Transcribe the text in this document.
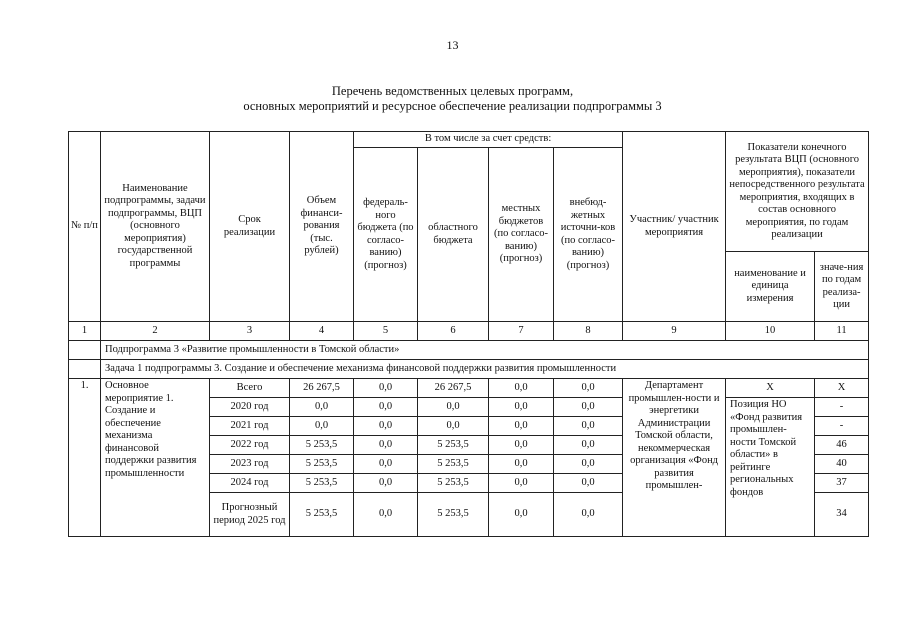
13
Перечень ведомственных целевых программ,
основных мероприятий и ресурсное обеспечение реализации подпрограммы 3
№ п/п	Наименование подпрограммы, задачи подпрограммы, ВЦП (основного мероприятия) государственной программы	Срок реализации	Объем финанси-рования (тыс. рублей)	В том числе за счет средств:				Участник/ участник мероприятия	Показатели конечного результата ВЦП (основного мероприятия), показатели непосредственного результата мероприятия, входящих в состав основного мероприятия, по годам реализации	
				федераль-ного бюджета (по согласо-ванию) (прогноз)	областного бюджета	местных бюджетов (по согласо-ванию) (прогноз)	внебюд-жетных источни-ков (по согласо-ванию) (прогноз)			
									наименование и единица измерения	значе-ния по годам реализа-ции
1	2	3	4	5	6	7	8	9	10	11
	Подпрограмма 3 «Развитие промышленности в Томской области»									
	Задача 1 подпрограммы 3. Создание и обеспечение механизма финансовой поддержки развития промышленности									
1.	Основное мероприятие 1. Создание и обеспечение механизма финансовой поддержки развития промышленности	Всего	26 267,5	0,0	26 267,5	0,0	0,0	Департамент промышлен-ности и энергетики Администрации Томской области, некоммерческая организация «Фонд развития промышлен-	Х	Х
		2020 год	0,0	0,0	0,0	0,0	0,0		Позиция НО «Фонд развития промышлен-ности Томской области» в рейтинге региональных фондов	-
		2021 год	0,0	0,0	0,0	0,0	0,0			-
		2022 год	5 253,5	0,0	5 253,5	0,0	0,0			46
		2023 год	5 253,5	0,0	5 253,5	0,0	0,0			40
		2024 год	5 253,5	0,0	5 253,5	0,0	0,0			37
		Прогнозный период 2025 год	5 253,5	0,0	5 253,5	0,0	0,0			34
